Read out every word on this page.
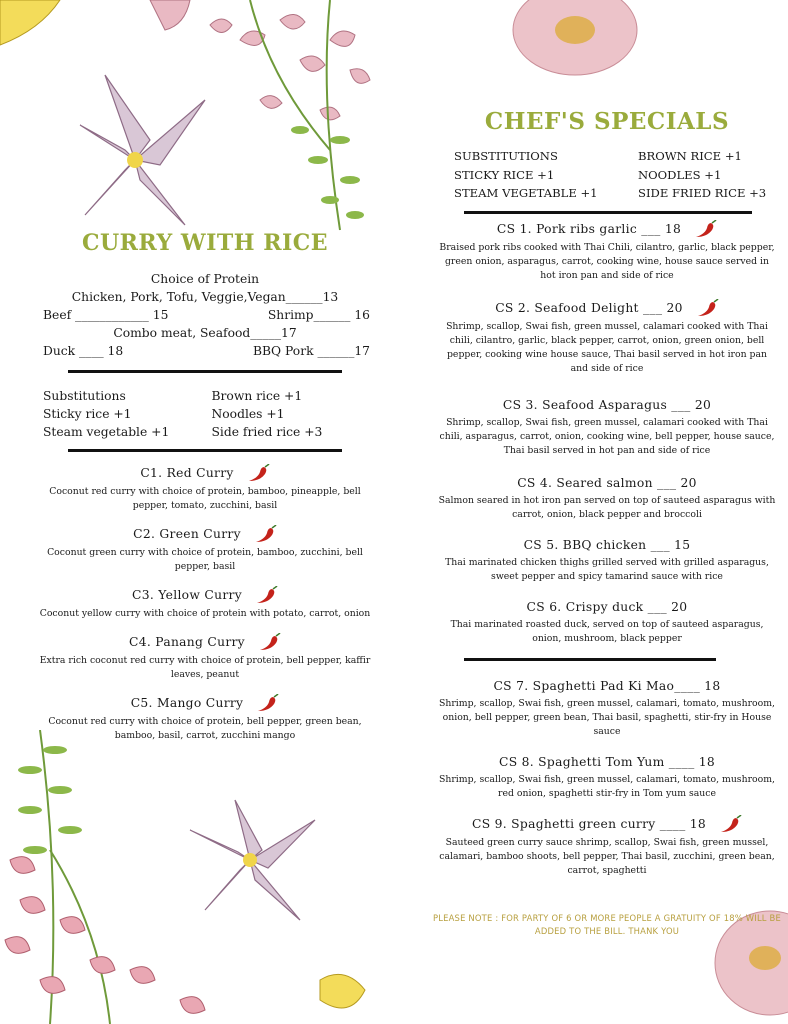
CURRY WITH RICE
Choice of Protein
Chicken, Pork, Tofu, Veggie,Vegan______13
Beef ____________ 15	Shrimp______ 16
Combo meat, Seafood_____17
Duck ____ 18	BBQ Pork ______17
Substitutions	Brown rice +1
Sticky rice +1	Noodles +1
Steam vegetable +1	Side fried rice +3
C1. Red Curry
Coconut red curry with choice of protein, bamboo, pineapple, bell pepper, tomato, zucchini, basil
C2. Green Curry
Coconut green curry with choice of protein, bamboo, zucchini, bell pepper, basil
C3. Yellow Curry
Coconut yellow curry with choice of protein with potato, carrot, onion
C4. Panang Curry
Extra rich coconut red curry with choice of protein, bell pepper, kaffir leaves, peanut
C5. Mango Curry
Coconut red curry with choice of protein, bell pepper, green bean, bamboo, basil, carrot, zucchini mango
CHEF'S SPECIALS
SUBSTITUTIONS	BROWN RICE +1
STICKY RICE +1	NOODLES +1
STEAM VEGETABLE +1	SIDE FRIED RICE +3
CS 1. Pork ribs garlic ___ 18
Braised pork ribs cooked with Thai Chili, cilantro, garlic, black pepper, green onion, asparagus, carrot, cooking wine, house sauce served in hot iron pan and side of rice
CS 2. Seafood Delight ___ 20
Shrimp, scallop, Swai fish, green mussel, calamari cooked with Thai chili, cilantro, garlic, black pepper, carrot, onion, green onion, bell pepper, cooking wine house sauce, Thai basil served in hot iron pan and side of rice
CS 3. Seafood Asparagus ___ 20
Shrimp, scallop, Swai fish, green mussel, calamari cooked with Thai chili, asparagus, carrot, onion, cooking wine, bell pepper, house sauce, Thai basil served in hot pan and side of rice
CS 4. Seared salmon ___ 20
Salmon seared in hot iron pan served on top of sauteed asparagus with carrot, onion, black pepper and broccoli
CS 5. BBQ chicken ___ 15
Thai marinated chicken thighs grilled served with grilled asparagus, sweet pepper and spicy tamarind sauce with rice
CS 6. Crispy duck ___ 20
Thai marinated roasted duck, served on top of sauteed asparagus, onion, mushroom, black pepper
CS 7. Spaghetti Pad Ki Mao____ 18
Shrimp, scallop, Swai fish, green mussel, calamari, tomato, mushroom, onion, bell pepper, green bean, Thai basil, spaghetti, stir-fry in House sauce
CS 8. Spaghetti Tom Yum ____ 18
Shrimp, scallop, Swai fish, green mussel, calamari, tomato, mushroom, red onion, spaghetti stir-fry in Tom yum sauce
CS 9. Spaghetti green curry ____ 18
Sauteed green curry sauce shrimp, scallop, Swai fish, green mussel, calamari, bamboo shoots, bell pepper, Thai basil, zucchini, green bean, carrot, spaghetti
PLEASE NOTE : FOR PARTY OF 6 OR MORE PEOPLE A GRATUITY OF 18% WILL BE ADDED TO THE BILL. THANK YOU
